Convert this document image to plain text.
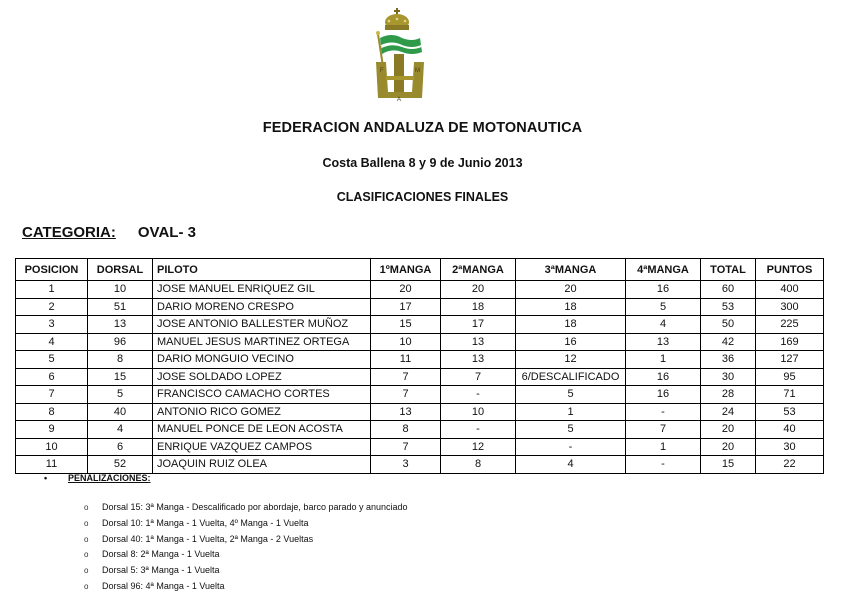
F	M
A
FEDERACION ANDALUZA DE MOTONAUTICA
Costa Ballena 8 y 9 de Junio 2013
CLASIFICACIONES FINALES
CATEGORIA: OVAL- 3
POSICION	DORSAL	PILOTO	1ºMANGA	2ªMANGA	3ªMANGA	4ªMANGA	TOTAL	PUNTOS
1	10	JOSE MANUEL ENRIQUEZ GIL	20	20	20	16	60	400
2	51	DARIO MORENO CRESPO	17	18	18	5	53	300
3	13	JOSE ANTONIO BALLESTER MUÑOZ	15	17	18	4	50	225
4	96	MANUEL JESUS MARTINEZ ORTEGA	10	13	16	13	42	169
5	8	DARIO MONGUIO VECINO	11	13	12	1	36	127
6	15	JOSE SOLDADO LOPEZ	7	7	6/DESCALIFICADO	16	30	95
7	5	FRANCISCO CAMACHO CORTES	7	-	5	16	28	71
8	40	ANTONIO RICO GOMEZ	13	10	1	-	24	53
9	4	MANUEL PONCE DE LEON ACOSTA	8	-	5	7	20	40
10	6	ENRIQUE VAZQUEZ CAMPOS	7	12	-	1	20	30
11	52	JOAQUIN RUIZ OLEA	3	8	4	-	15	22
• PENALIZACIONES:
o Dorsal 15: 3ª Manga - Descalificado por abordaje, barco parado y anunciado
o Dorsal 10: 1ª Manga - 1 Vuelta, 4º Manga - 1 Vuelta
o Dorsal 40: 1ª Manga - 1 Vuelta, 2ª Manga - 2 Vueltas
o Dorsal 8: 2ª Manga - 1 Vuelta
o Dorsal 5: 3ª Manga - 1 Vuelta
o Dorsal 96: 4ª Manga - 1 Vuelta
